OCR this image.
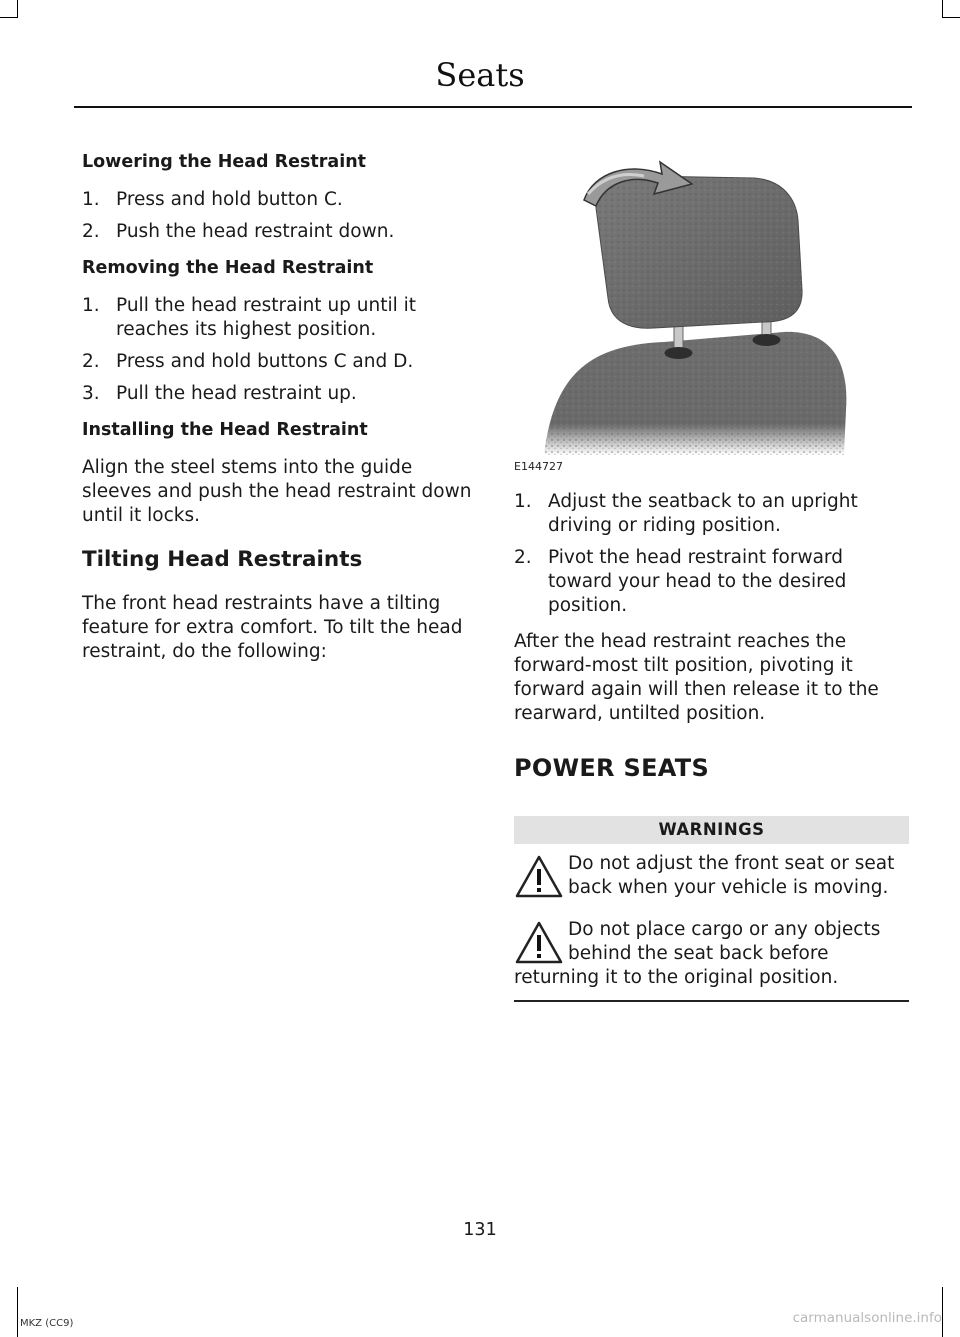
Seats
Lowering the Head Restraint
1. Press and hold button C.
2. Push the head restraint down.
Removing the Head Restraint
1. Pull the head restraint up until it reaches its highest position.
2. Press and hold buttons C and D.
3. Pull the head restraint up.
Installing the Head Restraint

Align the steel stems into the guide sleeves and push the head restraint down until it locks.

Tilting Head Restraints

The front head restraints have a tilting feature for extra comfort. To tilt the head restraint, do the following:

E144727
1. Adjust the seatback to an upright driving or riding position.
2. Pivot the head restraint forward toward your head to the desired position.

After the head restraint reaches the forward-most tilt position, pivoting it forward again will then release it to the rearward, untilted position.

POWER SEATS
WARNINGS
Do not adjust the front seat or seat back when your vehicle is moving.
Do not place cargo or any objects behind the seat back before returning it to the original position.
131
MKZ (CC9)	carmanualsonline.info
